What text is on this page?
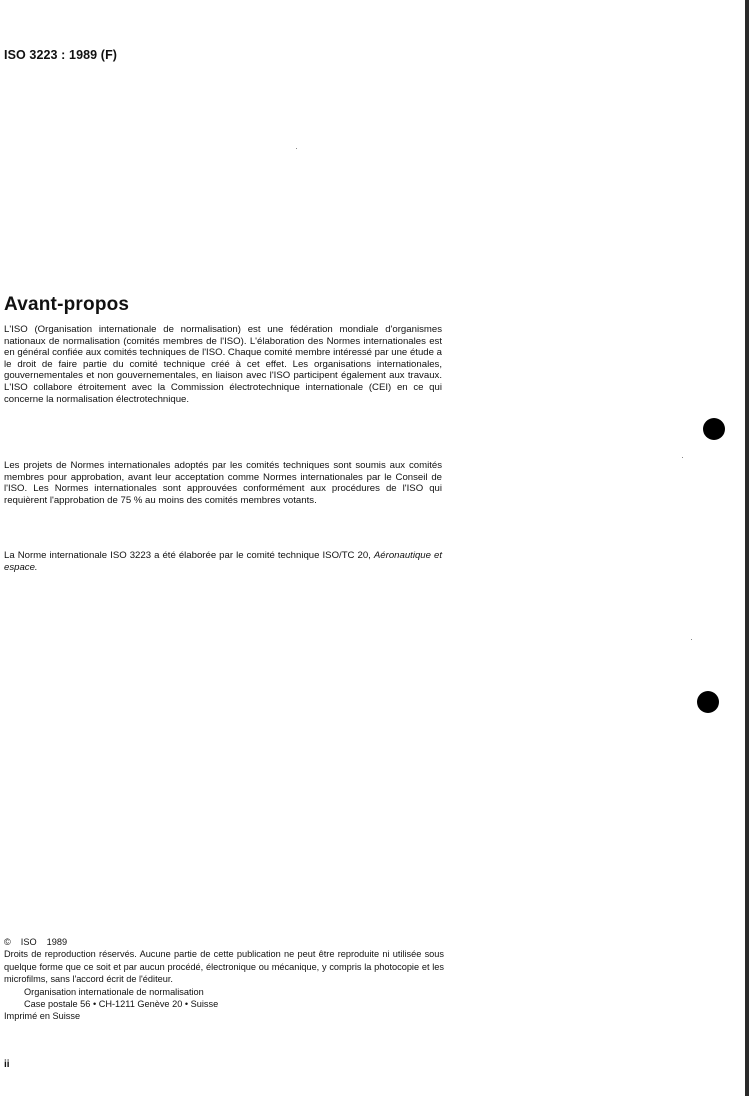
ISO 3223 : 1989 (F)
Avant-propos

L'ISO (Organisation internationale de normalisation) est une fédération mondiale d'organismes nationaux de normalisation (comités membres de l'ISO). L'élaboration des Normes internationales est en général confiée aux comités techniques de l'ISO. Chaque comité membre intéressé par une étude a le droit de faire partie du comité technique créé à cet effet. Les organisations internationales, gouvernementales et non gouvernementales, en liaison avec l'ISO participent également aux travaux. L'ISO collabore étroitement avec la Commission électrotechnique internationale (CEI) en ce qui concerne la normalisation électrotechnique.

Les projets de Normes internationales adoptés par les comités techniques sont soumis aux comités membres pour approbation, avant leur acceptation comme Normes internationales par le Conseil de l'ISO. Les Normes internationales sont approuvées conformément aux procédures de l'ISO qui requièrent l'approbation de 75 % au moins des comités membres votants.

La Norme internationale ISO 3223 a été élaborée par le comité technique ISO/TC 20, Aéronautique et espace.

© ISO 1989
Droits de reproduction réservés. Aucune partie de cette publication ne peut être reproduite ni utilisée sous quelque forme que ce soit et par aucun procédé, électronique ou mécanique, y compris la photocopie et les microfilms, sans l'accord écrit de l'éditeur.
Organisation internationale de normalisation
Case postale 56 • CH-1211 Genève 20 • Suisse
Imprimé en Suisse
ii
